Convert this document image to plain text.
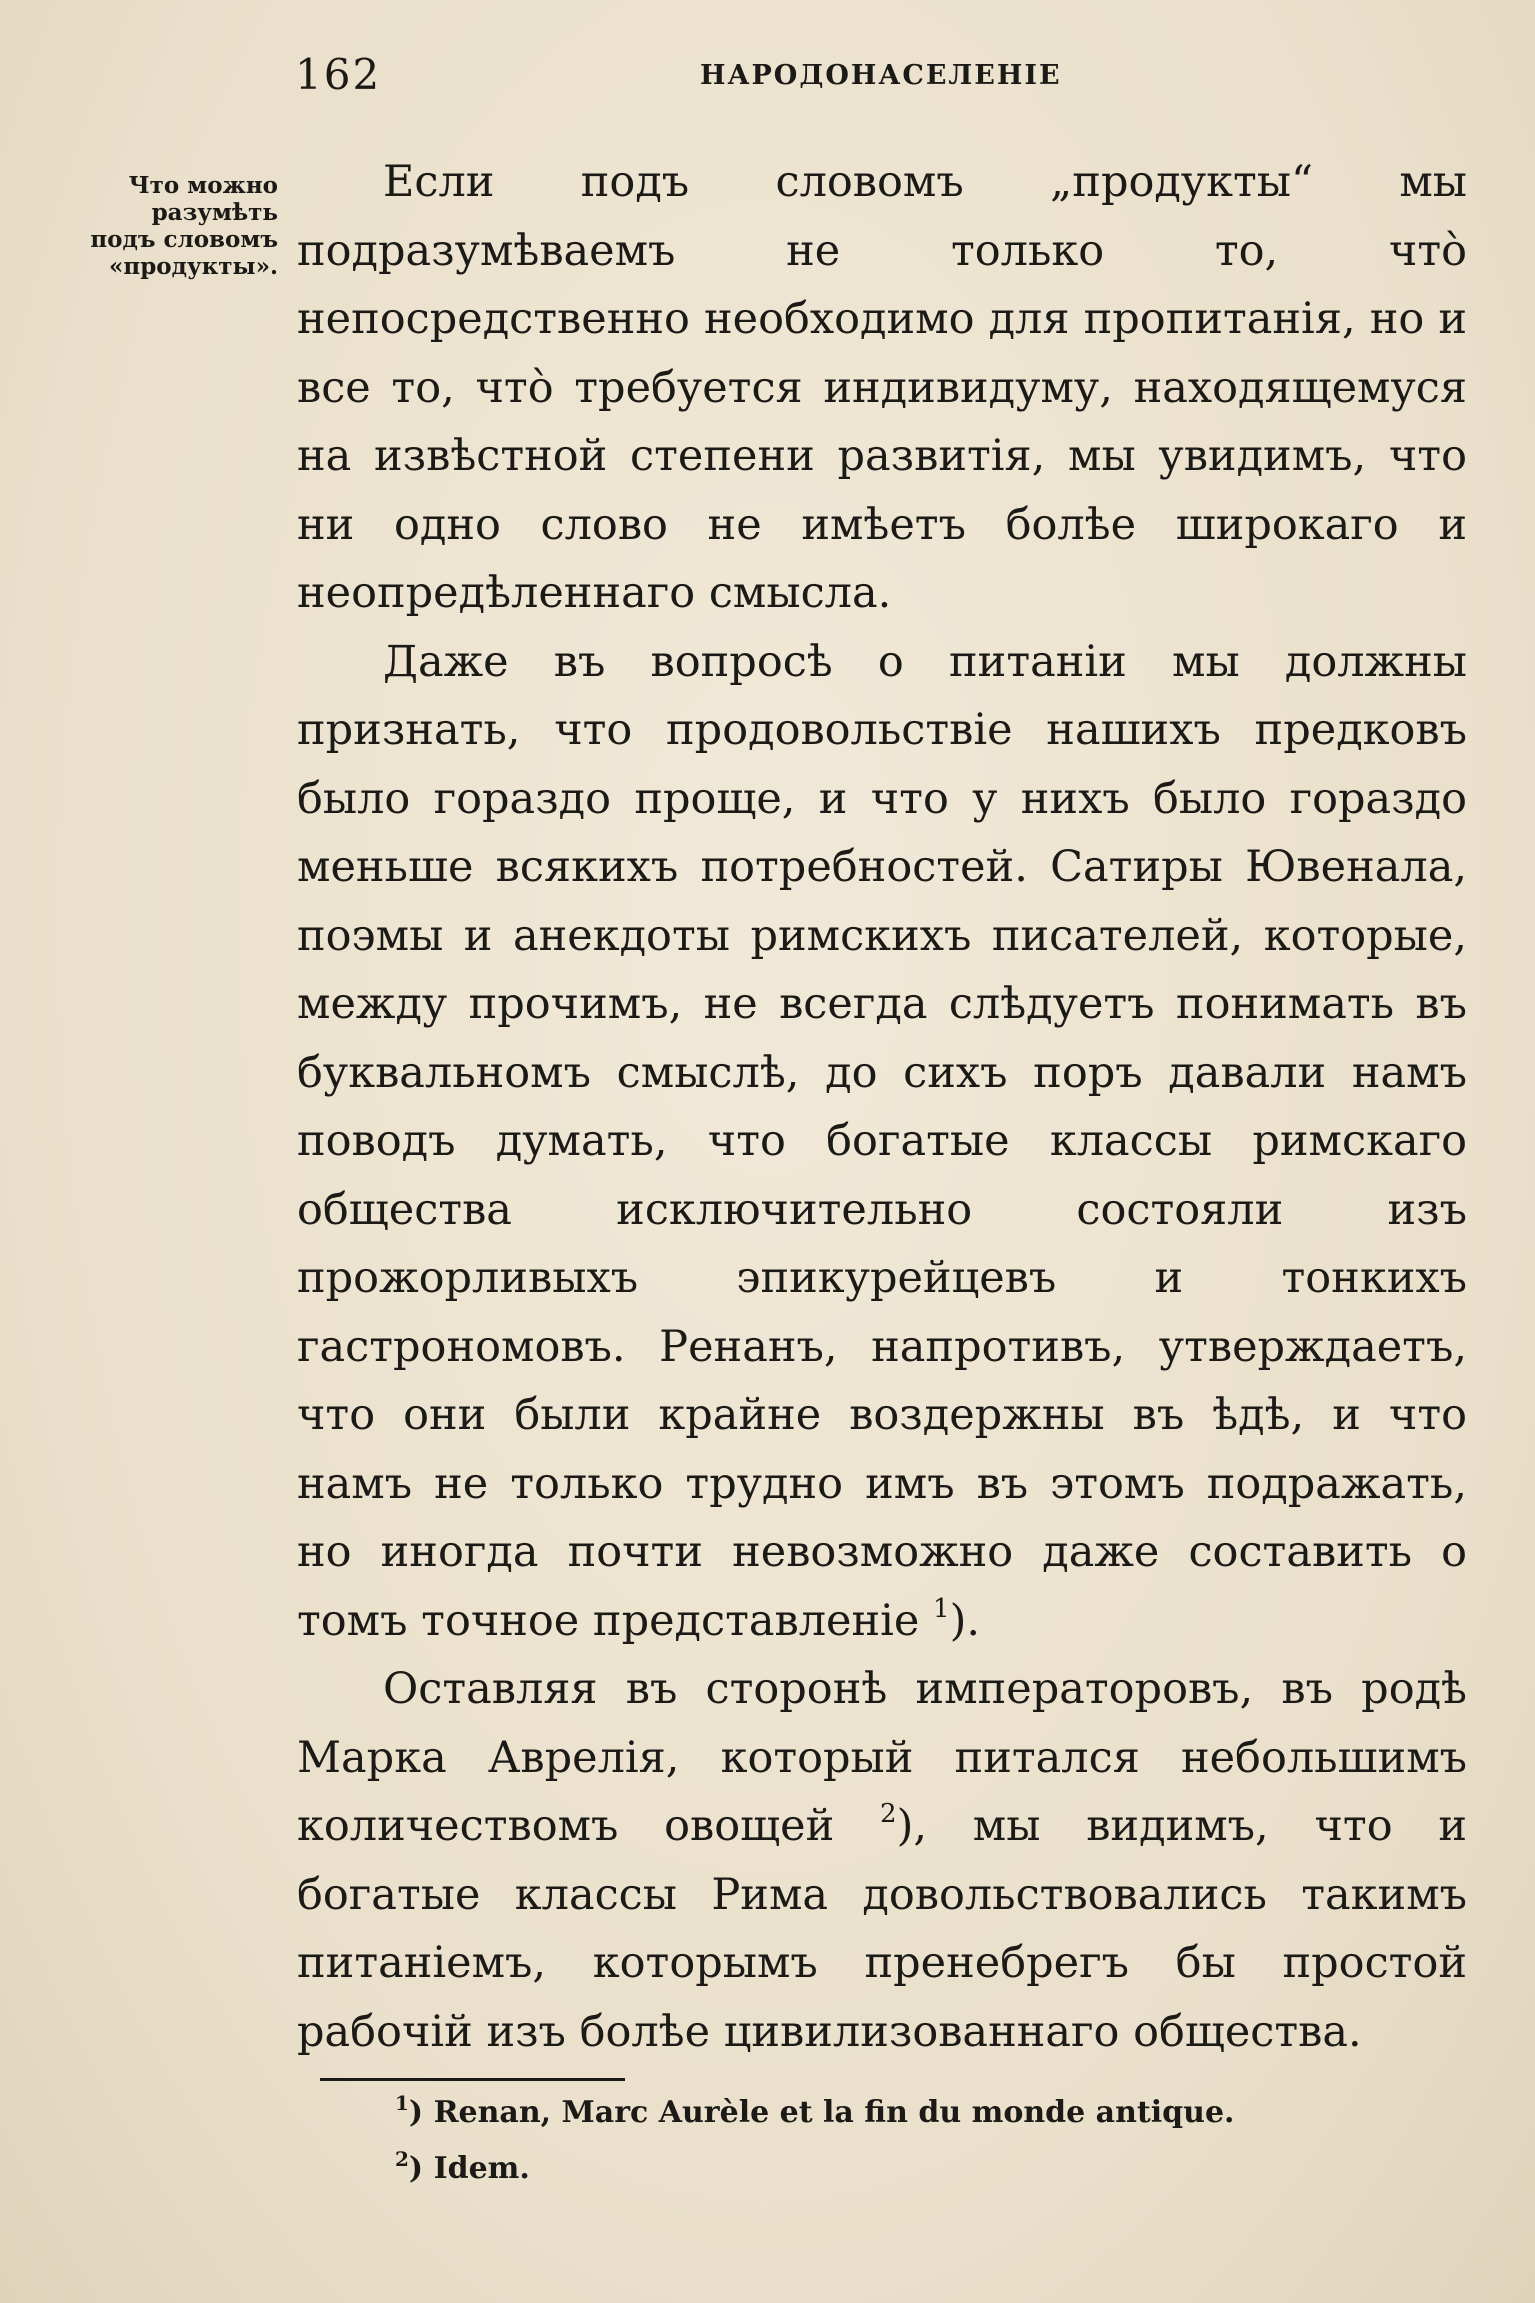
162	НАРОДОНАСЕЛЕНІЕ
Что можно
разумѣть
подъ словомъ
«продукты».

Если подъ словомъ „продукты“ мы подразумѣваемъ не только то, что̀ непосредственно необходимо для пропитанія, но и все то, что̀ требуется индивидуму, находящемуся на извѣстной степени развитія, мы увидимъ, что ни одно слово не имѣетъ болѣе широкаго и неопредѣленнаго смысла.

Даже въ вопросѣ о питаніи мы должны признать, что продовольствіе нашихъ предковъ было гораздо проще, и что у нихъ было гораздо меньше всякихъ потребностей. Сатиры Ювенала, поэмы и анекдоты римскихъ писателей, которые, между прочимъ, не всегда слѣдуетъ понимать въ буквальномъ смыслѣ, до сихъ поръ давали намъ поводъ думать, что богатые классы римскаго общества исключительно состояли изъ прожорливыхъ эпикурейцевъ и тонкихъ гастрономовъ. Ренанъ, напротивъ, утверждаетъ, что они были крайне воздержны въ ѣдѣ, и что намъ не только трудно имъ въ этомъ подражать, но иногда почти невозможно даже составить о томъ точное представленіе $^1$).

Оставляя въ сторонѣ императоровъ, въ родѣ Марка Аврелія, который питался небольшимъ количествомъ овощей $^2$), мы видимъ, что и богатые классы Рима довольствовались такимъ питаніемъ, которымъ пренебрегъ бы простой рабочій изъ болѣе цивилизованнаго общества.

$^1$) Renan, Marc Aurèle et la fin du monde antique.
$^2$) Idem.
